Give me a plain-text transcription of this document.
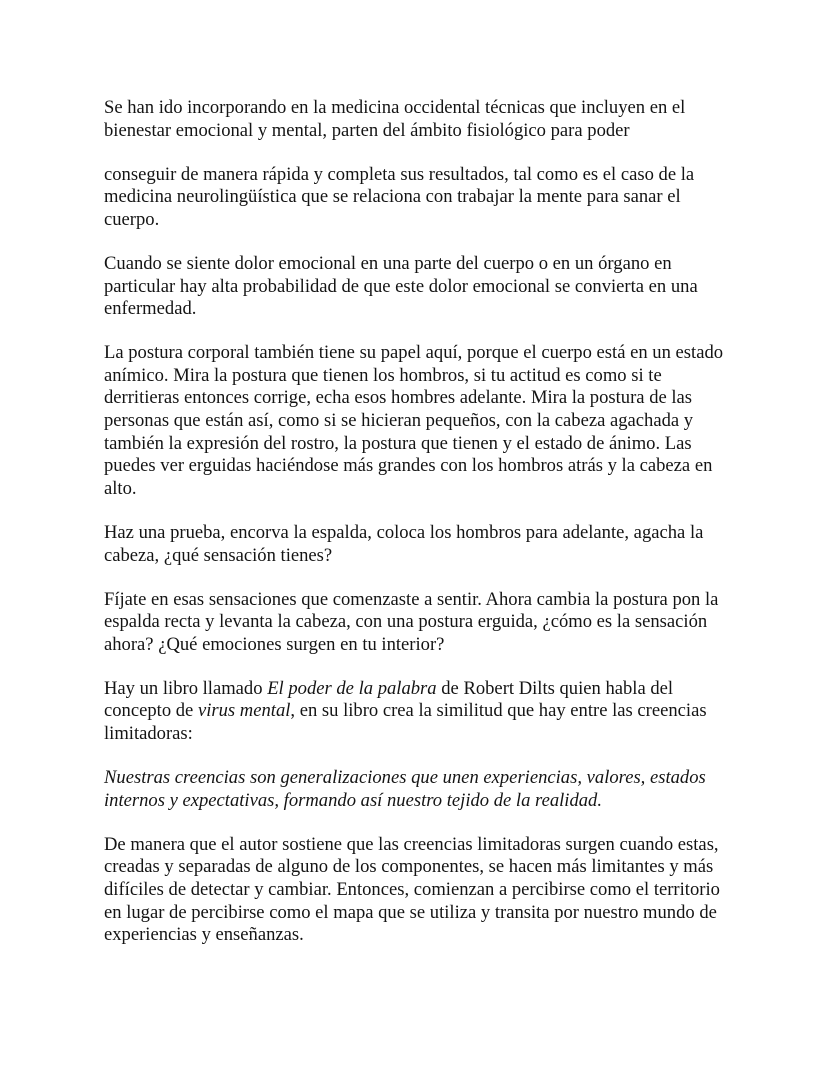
Se han ido incorporando en la medicina occidental técnicas que incluyen en el bienestar emocional y mental, parten del ámbito fisiológico para poder

conseguir de manera rápida y completa sus resultados, tal como es el caso de la medicina neurolingüística que se relaciona con trabajar la mente para sanar el cuerpo.

Cuando se siente dolor emocional en una parte del cuerpo o en un órgano en particular hay alta probabilidad de que este dolor emocional se convierta en una enfermedad.

La postura corporal también tiene su papel aquí, porque el cuerpo está en un estado anímico. Mira la postura que tienen los hombros, si tu actitud es como si te derritieras entonces corrige, echa esos hombres adelante. Mira la postura de las personas que están así, como si se hicieran pequeños, con la cabeza agachada y también la expresión del rostro, la postura que tienen y el estado de ánimo. Las puedes ver erguidas haciéndose más grandes con los hombros atrás y la cabeza en alto.

Haz una prueba, encorva la espalda, coloca los hombros para adelante, agacha la cabeza, ¿qué sensación tienes?

Fíjate en esas sensaciones que comenzaste a sentir. Ahora cambia la postura pon la espalda recta y levanta la cabeza, con una postura erguida, ¿cómo es la sensación ahora? ¿Qué emociones surgen en tu interior?

Hay un libro llamado El poder de la palabra de Robert Dilts quien habla del concepto de virus mental, en su libro crea la similitud que hay entre las creencias limitadoras:

Nuestras creencias son generalizaciones que unen experiencias, valores, estados internos y expectativas, formando así nuestro tejido de la realidad.

De manera que el autor sostiene que las creencias limitadoras surgen cuando estas, creadas y separadas de alguno de los componentes, se hacen más limitantes y más difíciles de detectar y cambiar. Entonces, comienzan a percibirse como el territorio en lugar de percibirse como el mapa que se utiliza y transita por nuestro mundo de experiencias y enseñanzas.
